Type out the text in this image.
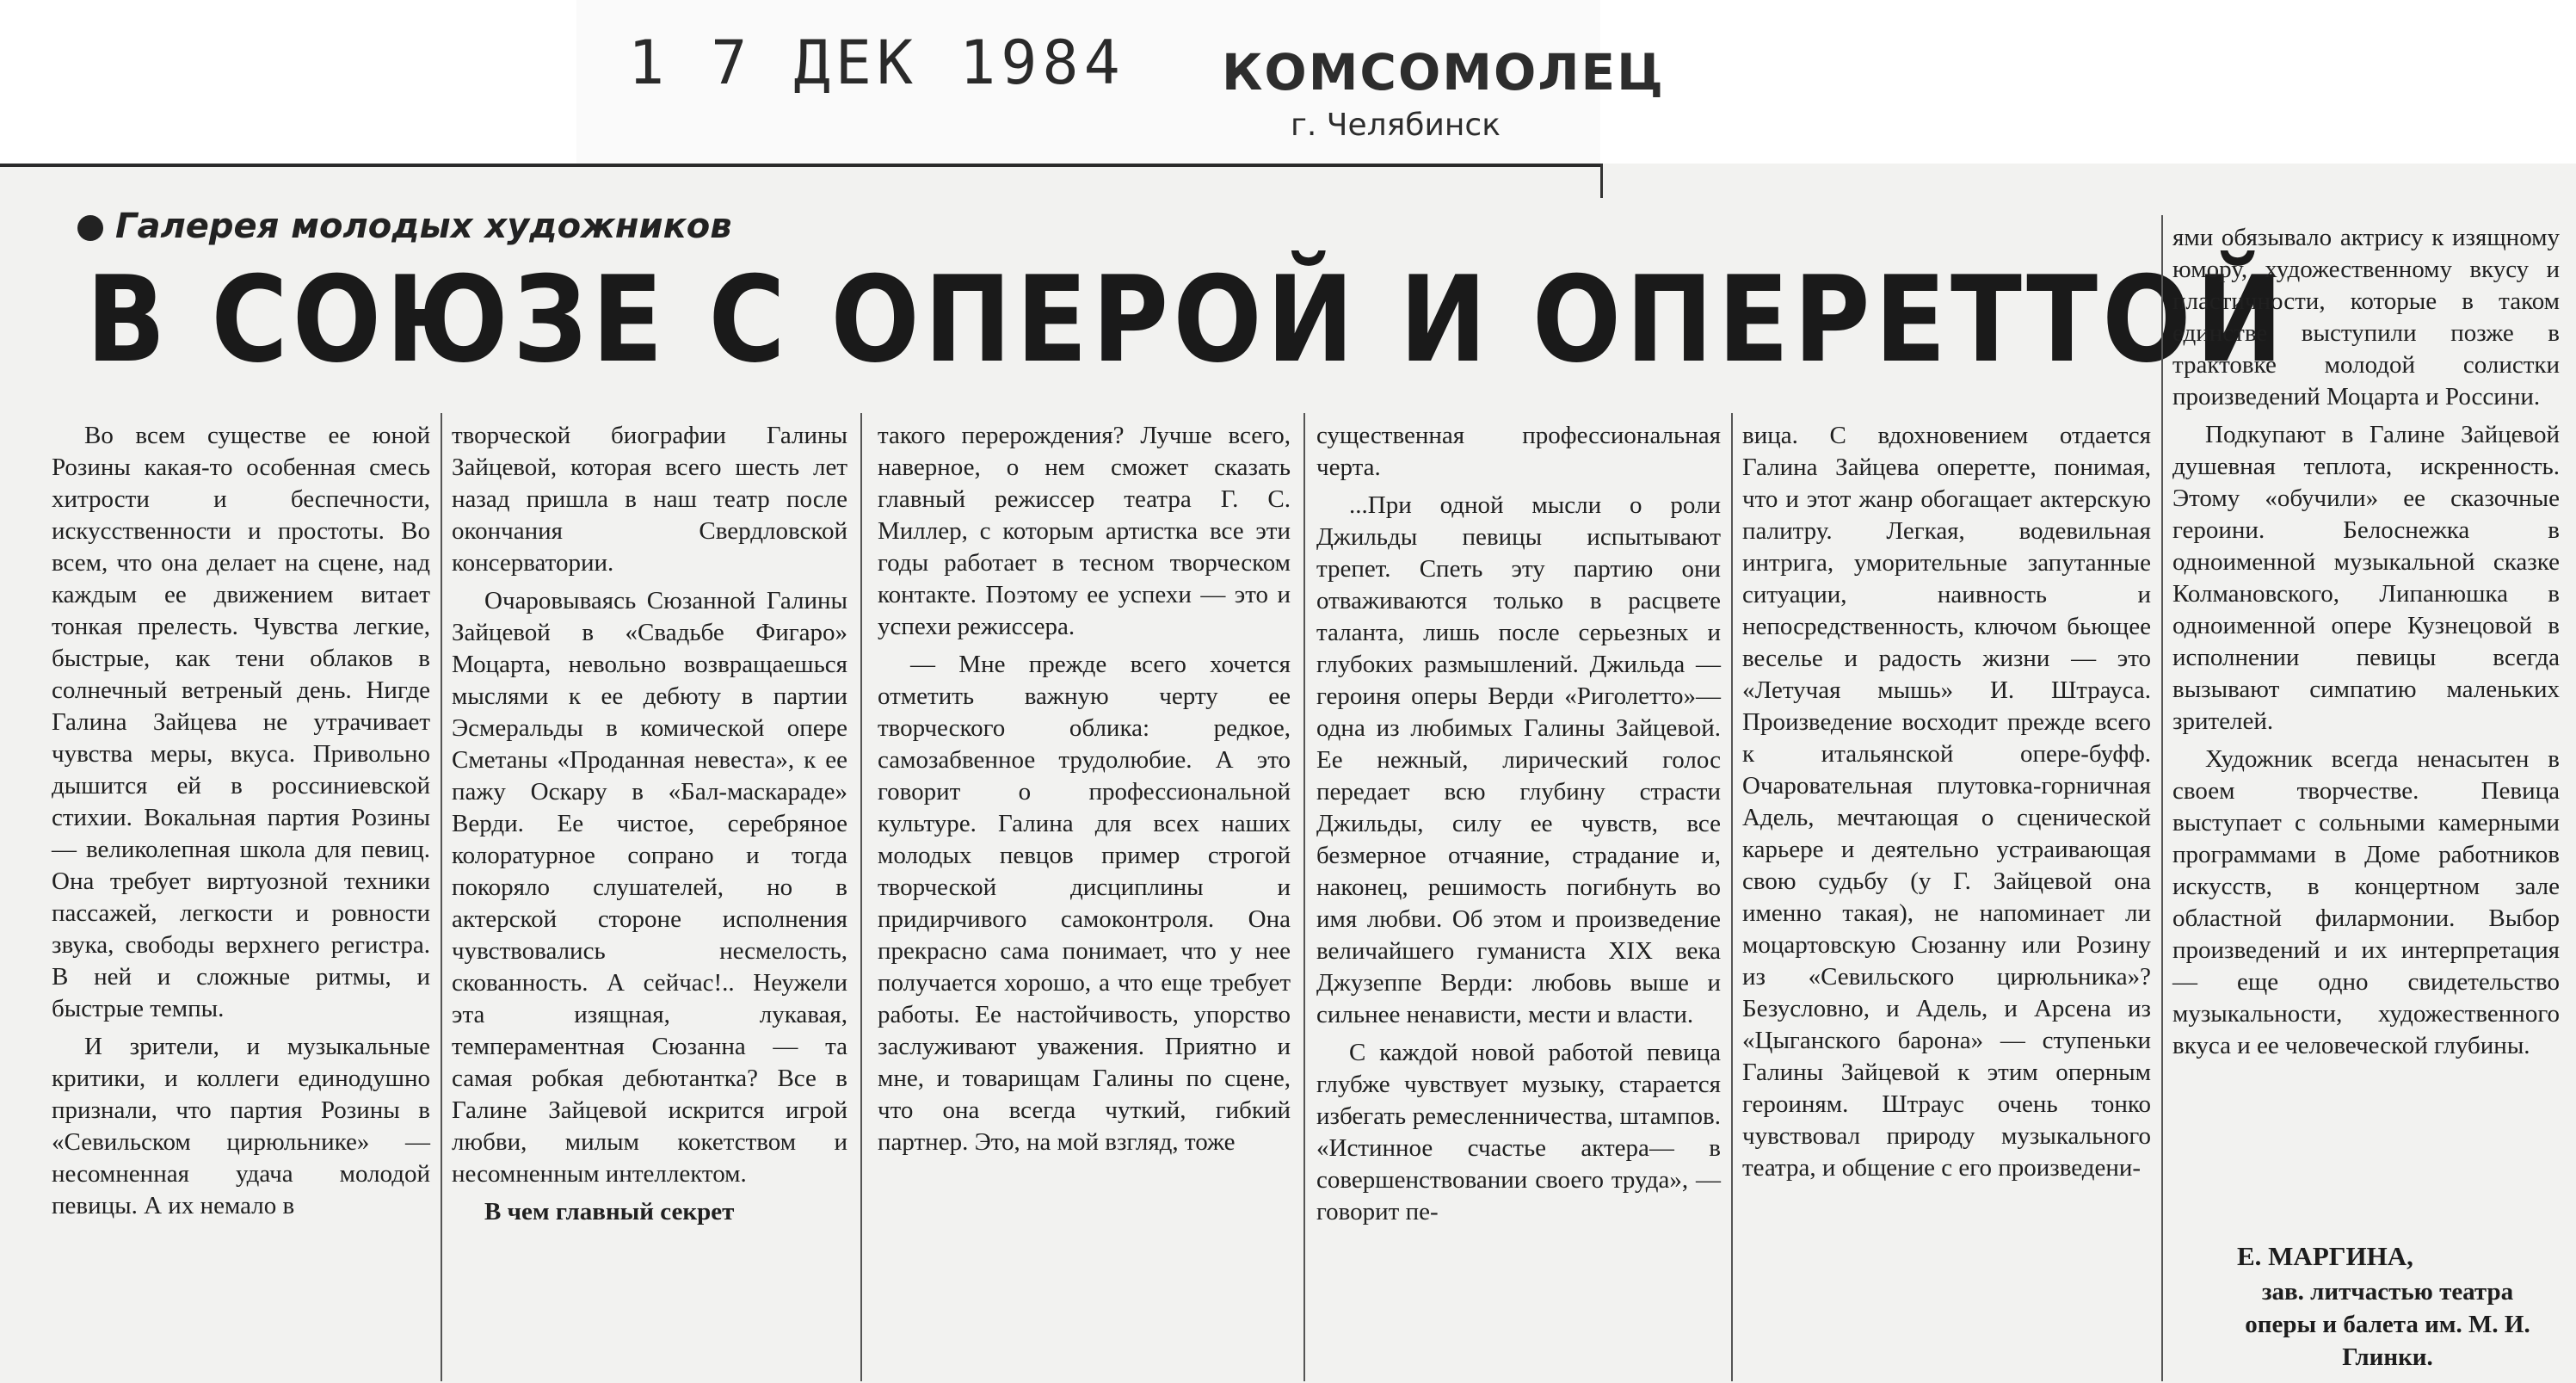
1 7 ДЕК 1984 КОМСОМОЛЕЦ
г. Челябинск
Галерея молодых художников
В СОЮЗЕ С ОПЕРОЙ И ОПЕРЕТТОЙ

Во всем существе ее юной Розины какая-то особенная смесь хитрости и беспечности, искусственности и простоты. Во всем, что она делает на сцене, над каждым ее движением витает тонкая прелесть. Чувства легкие, быстрые, как тени облаков в солнечный ветреный день. Нигде Галина Зайцева не утрачивает чувства меры, вкуса. Привольно дышится ей в россиниевской стихии. Вокальная партия Розины — великолепная школа для певиц. Она требует виртуозной техники пассажей, легкости и ровности звука, свободы верхнего регистра. В ней и сложные ритмы, и быстрые темпы.

И зрители, и музыкальные критики, и коллеги единодушно признали, что партия Розины в «Севильском цирюльнике» — несомненная удача молодой певицы. А их немало в

творческой биографии Галины Зайцевой, которая всего шесть лет назад пришла в наш театр после окончания Свердловской консерватории.

Очаровываясь Сюзанной Галины Зайцевой в «Свадьбе Фигаро» Моцарта, невольно возвращаешься мыслями к ее дебюту в партии Эсмеральды в комической опере Сметаны «Проданная невеста», к ее пажу Оскару в «Бал-маскараде» Верди. Ее чистое, серебряное колоратурное сопрано и тогда покоряло слушателей, но в актерской стороне исполнения чувствовались несмелость, скованность. А сейчас!.. Неужели эта изящная, лукавая, темпераментная Сюзанна — та самая робкая дебютантка? Все в Галине Зайцевой искрится игрой любви, милым кокетством и несомненным интеллектом.

В чем главный секрет

такого перерождения? Лучше всего, наверное, о нем сможет сказать главный режиссер театра Г. С. Миллер, с которым артистка все эти годы работает в тесном творческом контакте. Поэтому ее успехи — это и успехи режиссера.

— Мне прежде всего хочется отметить важную черту ее творческого облика: редкое, самозабвенное трудолюбие. А это говорит о профессиональной культуре. Галина для всех наших молодых певцов пример строгой творческой дисциплины и придирчивого самоконтроля. Она прекрасно сама понимает, что у нее получается хорошо, а что еще требует работы. Ее настойчивость, упорство заслуживают уважения. Приятно и мне, и товарищам Галины по сцене, что она всегда чуткий, гибкий партнер. Это, на мой взгляд, тоже

существенная профессиональная черта.

...При одной мысли о роли Джильды певицы испытывают трепет. Спеть эту партию они отваживаются только в расцвете таланта, лишь после серьезных и глубоких размышлений. Джильда — героиня оперы Верди «Риголетто»—одна из любимых Галины Зайцевой. Ее нежный, лирический голос передает всю глубину страсти Джильды, силу ее чувств, все безмерное отчаяние, страдание и, наконец, решимость погибнуть во имя любви. Об этом и произведение величайшего гуманиста XIX века Джузеппе Верди: любовь выше и сильнее ненависти, мести и власти.

С каждой новой работой певица глубже чувствует музыку, старается избегать ремесленничества, штампов. «Истинное счастье актера— в совершенствовании своего труда», — говорит пе-

вица. С вдохновением отдается Галина Зайцева оперетте, понимая, что и этот жанр обогащает актерскую палитру. Легкая, водевильная интрига, уморительные запутанные ситуации, наивность и непосредственность, ключом бьющее веселье и радость жизни — это «Летучая мышь» И. Штрауса. Произведение восходит прежде всего к итальянской опере-буфф. Очаровательная плутовка-горничная Адель, мечтающая о сценической карьере и деятельно устраивающая свою судьбу (у Г. Зайцевой она именно такая), не напоминает ли моцартовскую Сюзанну или Розину из «Севильского цирюльника»? Безусловно, и Адель, и Арсена из «Цыганского барона» — ступеньки Галины Зайцевой к этим оперным героиням. Штраус очень тонко чувствовал природу музыкального театра, и общение с его произведени-

ями обязывало актрису к изящному юмору, художественному вкусу и пластичности, которые в таком единстве выступили позже в трактовке молодой солистки произведений Моцарта и Россини.

Подкупают в Галине Зайцевой душевная теплота, искренность. Этому «обучили» ее сказочные героини. Белоснежка в одноименной музыкальной сказке Колмановского, Липанюшка в одноименной опере Кузнецовой в исполнении певицы всегда вызывают симпатию маленьких зрителей.

Художник всегда ненасытен в своем творчестве. Певица выступает с сольными камерными программами в Доме работников искусств, в концертном зале областной филармонии. Выбор произведений и их интерпретация — еще одно свидетельство музыкальности, художественного вкуса и ее человеческой глубины.

Е. МАРГИНА,
зав. литчастью театра оперы и балета им. М. И. Глинки.
